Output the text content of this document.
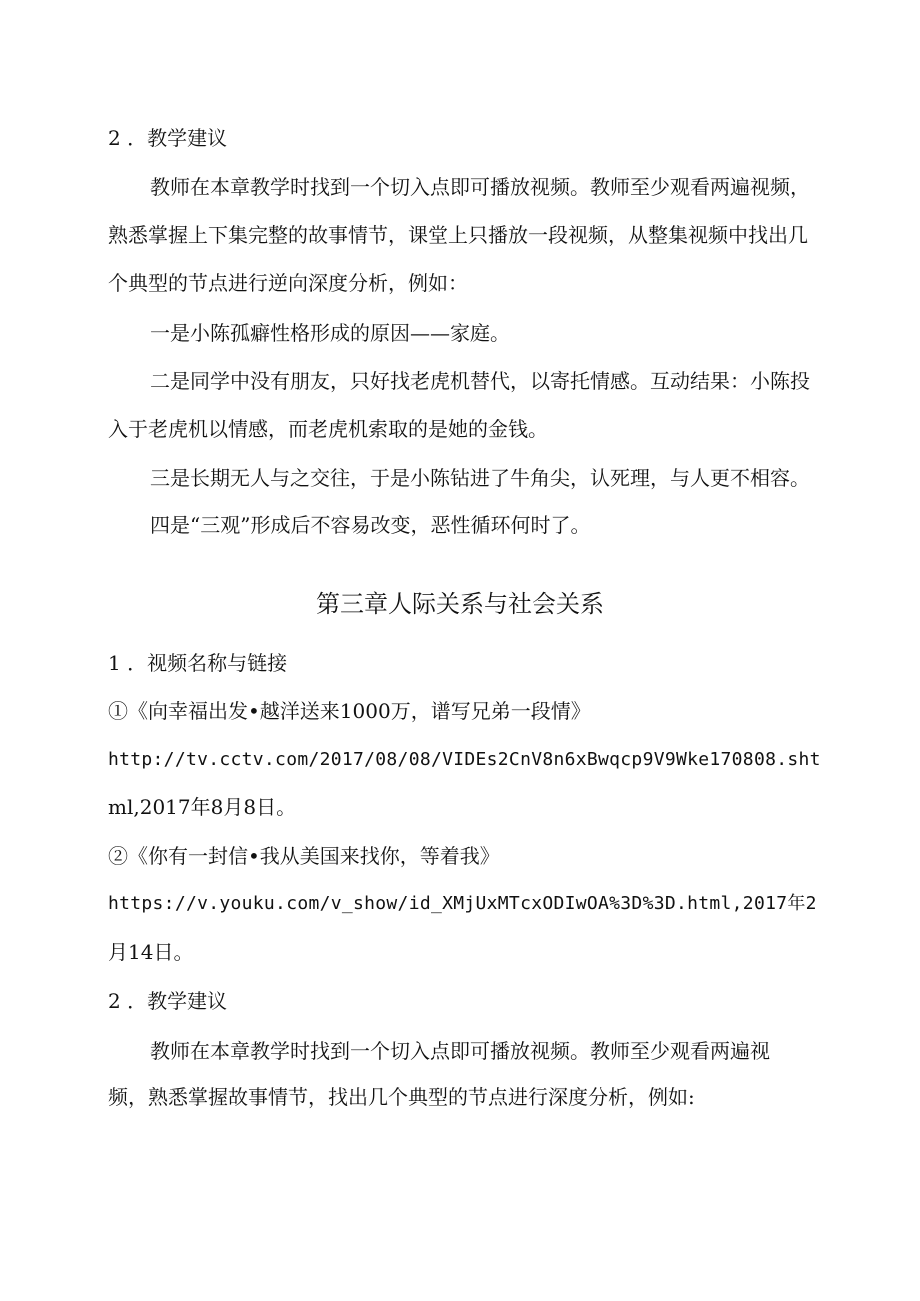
2 ．教学建议
教师在本章教学时找到一个切入点即可播放视频。教师至少观看两遍视频，
熟悉掌握上下集完整的故事情节，课堂上只播放一段视频，从整集视频中找出几
个典型的节点进行逆向深度分析，例如：
一是小陈孤癖性格形成的原因——家庭。
二是同学中没有朋友，只好找老虎机替代，以寄托情感。互动结果：小陈投
入于老虎机以情感，而老虎机索取的是她的金钱。
三是长期无人与之交往，于是小陈钻进了牛角尖，认死理，与人更不相容。
四是“三观”形成后不容易改变，恶性循环何时了。
第三章人际关系与社会关系
1 ．视频名称与链接
①《向幸福出发•越洋送来1000万，谱写兄弟一段情》
http://tv.cctv.com/2017/08/08/VIDEs2CnV8n6xBwqcp9V9Wke170808.sht
ml,2017年8月8日。
②《你有一封信•我从美国来找你，等着我》
https://v.youku.com/v_show/id_XMjUxMTcxODIwOA%3D%3D.html,2017年2
月14日。
2 ．教学建议
教师在本章教学时找到一个切入点即可播放视频。教师至少观看两遍视
频，熟悉掌握故事情节，找出几个典型的节点进行深度分析，例如:
